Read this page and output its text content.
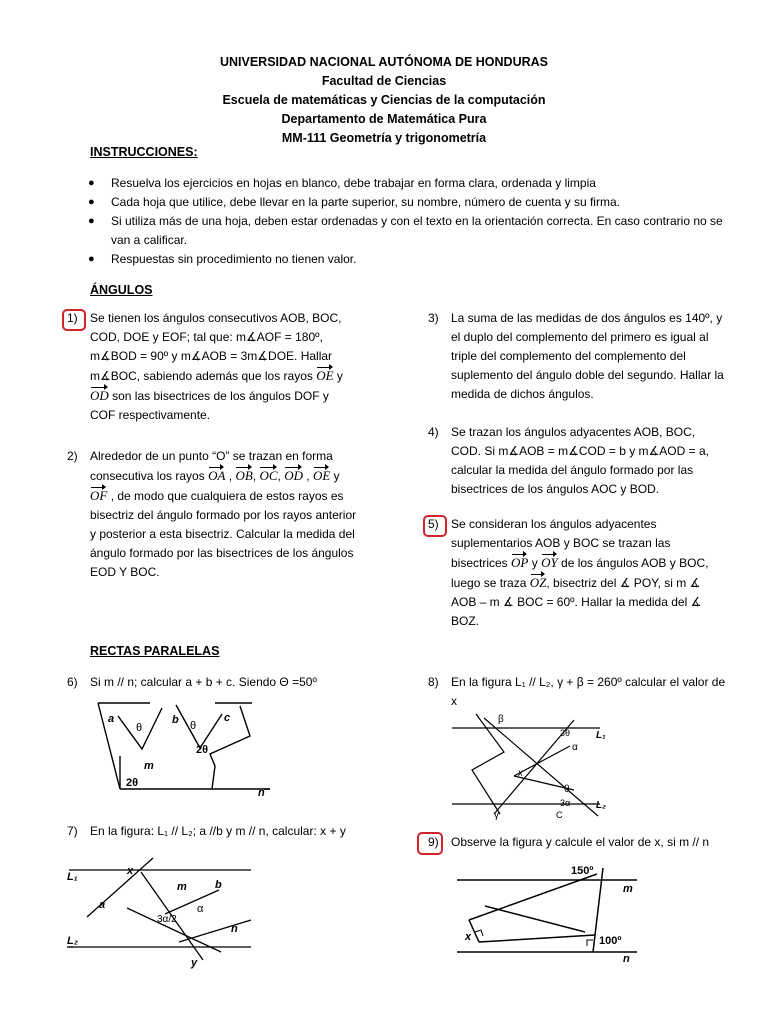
UNIVERSIDAD NACIONAL AUTÓNOMA DE HONDURAS
Facultad de Ciencias
Escuela de matemáticas y Ciencias de la computación
Departamento de Matemática Pura
MM-111 Geometría y trigonometría
INSTRUCCIONES:
● Resuelva los ejercicios en hojas en blanco, debe trabajar en forma clara, ordenada y limpia
● Cada hoja que utilice, debe llevar en la parte superior, su nombre, número de cuenta y su firma.
● Si utiliza más de una hoja, deben estar ordenadas y con el texto en la orientación correcta. En caso contrario no se van a calificar.
● Respuestas sin procedimiento no tienen valor.
ÁNGULOS
1)	Se tienen los ángulos consecutivos AOB, BOC, COD, DOE y EOF; tal que: m∡AOF = 180º, m∡BOD = 90º y m∡AOB = 3m∡DOE. Hallar m∡BOC, sabiendo además que los rayos OE y OD son las bisectrices de los ángulos DOF y COF respectivamente.
2)	Alrededor de un punto “O” se trazan en forma consecutiva los rayos OA , OB, OC, OD , OE y OF , de modo que cualquiera de estos rayos es bisectriz del ángulo formado por los rayos anterior y posterior a esta bisectriz. Calcular la medida del ángulo formado por las bisectrices de los ángulos EOD Y BOC.
3)	La suma de las medidas de dos ángulos es 140º, y el duplo del complemento del primero es igual al triple del complemento del complemento del suplemento del ángulo doble del segundo. Hallar la medida de dichos ángulos.
4)	Se trazan los ángulos adyacentes AOB, BOC, COD. Si m∡AOB = m∡COD = b y m∡AOD = a, calcular la medida del ángulo formado por las bisectrices de los ángulos AOC y BOD.
5)	Se consideran los ángulos adyacentes suplementarios AOB y BOC se trazan las bisectrices OP y OY de los ángulos AOB y BOC, luego se traza OZ, bisectriz del ∡ POY, si m ∡ AOB – m ∡ BOC = 60º. Hallar la medida del ∡ BOZ.
RECTAS PARALELAS
6)	Si m // n; calcular a + b + c. Siendo Θ =50º
7)	En la figura: L₁ // L₂; a //b y m // n, calcular: x + y
8)	En la figura L₁ // L₂, γ + β = 260º calcular el valor de x
9)	Observe la figura y calcule el valor de x, si m // n
a
θ
b θ
c
2θ
m
2θ
n
L₁
L₂
x
a
m	b
3α/2
α
n
y
β
3θ
α
L₁
x
θ
L₂
3α
γ	C
150º
m
x	100º
n
